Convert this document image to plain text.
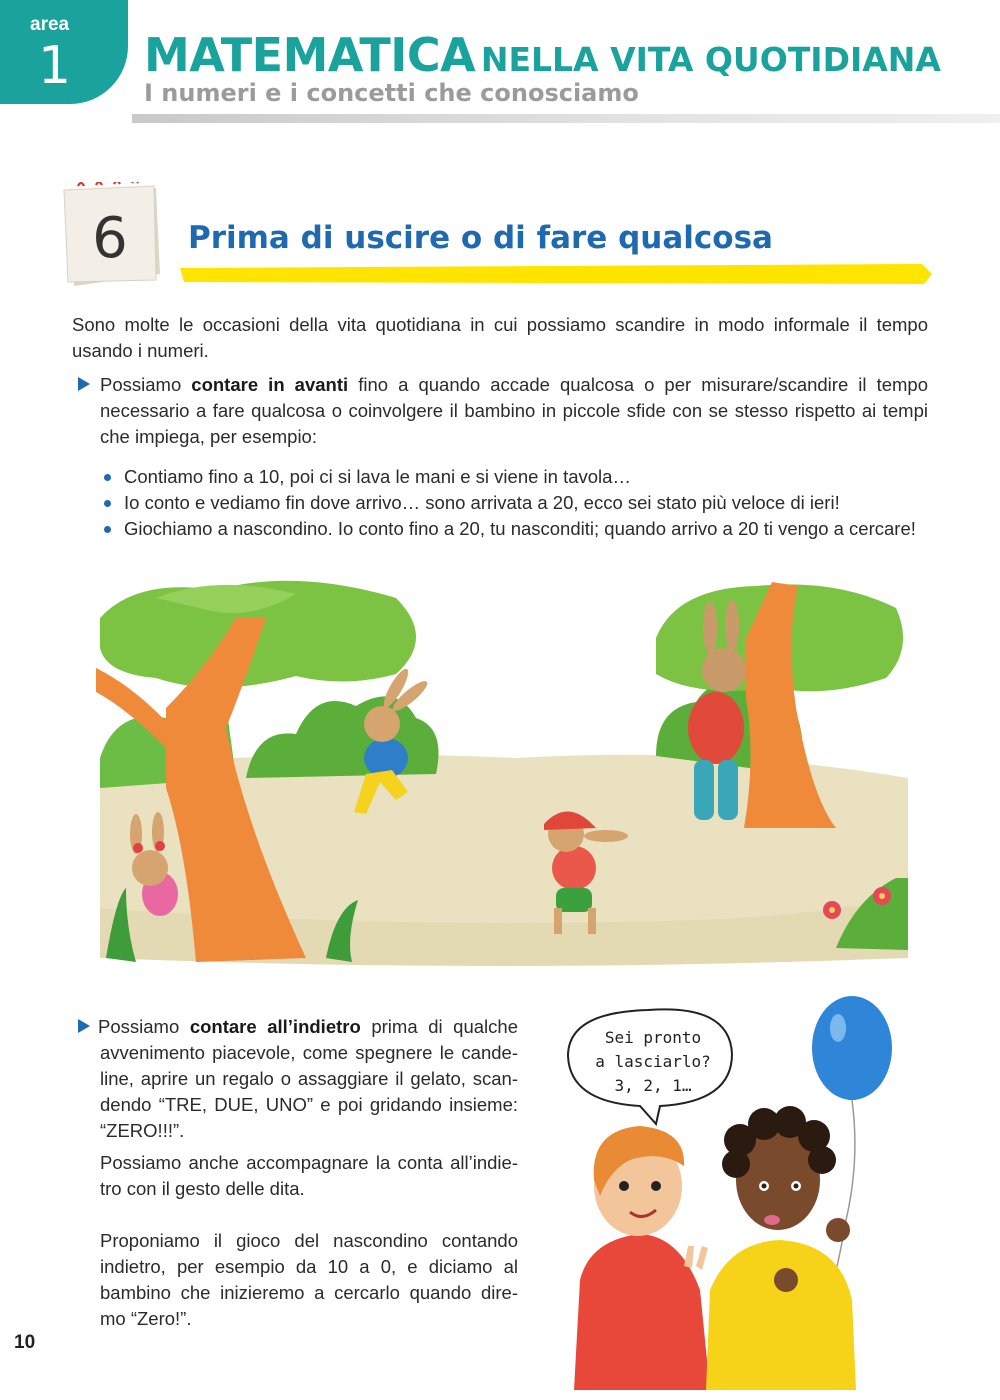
area
1 MATEMATICA NELLA VITA QUOTIDIANA
I numeri e i concetti che conosciamo
6 Prima di uscire o di fare qualcosa
Sono molte le occasioni della vita quotidiana in cui possiamo scandire in modo informale il tempo
usando i numeri.
Possiamo contare in avanti fino a quando accade qualcosa o per misurare/scandire il tempo
necessario a fare qualcosa o coinvolgere il bambino in piccole sfide con se stesso rispetto ai tempi
che impiega, per esempio:
Contiamo fino a 10, poi ci si lava le mani e si viene in tavola…
Io conto e vediamo fin dove arrivo… sono arrivata a 20, ecco sei stato più veloce di ieri!
Giochiamo a nascondino. Io conto fino a 20, tu nasconditi; quando arrivo a 20 ti vengo a cercare!
Possiamo contare all’indietro prima di qualche
avvenimento piacevole, come spegnere le cande-
line, aprire un regalo o assaggiare il gelato, scan-
dendo “TRE, DUE, UNO” e poi gridando insieme:
“ZERO!!!”.
Possiamo anche accompagnare la conta all’indie-
tro con il gesto delle dita.
Proponiamo il gioco del nascondino contando
indietro, per esempio da 10 a 0, e diciamo al
bambino che inizieremo a cercarlo quando dire-
mo “Zero!”.
Sei pronto
a lasciarlo?
3, 2, 1…
10
